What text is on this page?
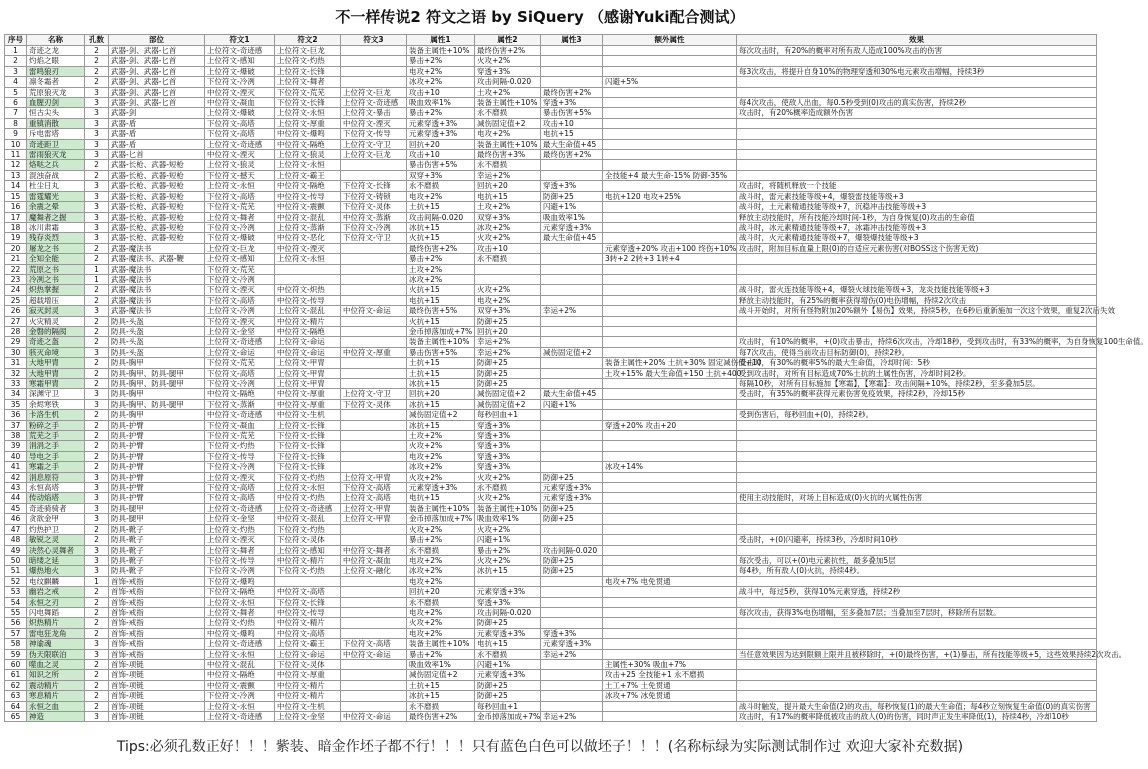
不一样传说2 符文之语 by SiQuery （感谢Yuki配合测试）
序号	名称	孔数	部位	符文1	符文2	符文3	属性1	属性2	属性3	额外属性	效果
1	奇迹之龙	2	武器-剑、武器-匕首	上位符文-奇迹感	上位符文-巨龙		装备主属性+10%	最终伤害+2%			每次攻击时，有20%的概率对所有敌人造成100%攻击的伤害
2	灼焰之眼	2	武器-剑、武器-匕首	上位符文-感知	上位符文-灼热		暴击+2%	火攻+2%			
3	雷鸣狼刃	2	武器-剑、武器-匕首	上位符文-爆破	上位符文-长锋		电攻+2%	穿透+3%			每3次攻击，将提升自身10%的物理穿透和30%电元素攻击增幅，持续3秒
4	凛冬霜者	2	武器-剑、武器-匕首	下位符文-冷冽	上位符文-舞者		冰攻+2%	攻击间隔-0.020		闪避+5%	
5	荒原狼灭龙	3	武器-剑、武器-匕首	中位符文-湮灭	下位符文-荒芜	上位符文-巨龙	攻击+10	土攻+2%	最终伤害+2%		
6	血腥刃剑	3	武器-剑、武器-匕首	中位符文-凝血	下位符文-长锋	上位符文-奇迹感	吸血效率1%	装备主属性+10%	穿透+3%		每4次攻击，使敌人出血，每0.5秒受到(0)攻击的真实伤害，持续2秒
7	恒古尖头	3	武器-剑	上位符文-爆破	上位符文-永恒	上位符文-暴击	暴击+2%	永不磨损	暴击伤害+5%		攻击时，有20%概率造成额外伤害
8	重镇消散	3	武器-盾	下位符文-高塔	上位符文-厚重	中位符文-湮灭	元素穿透+3%	减伤固定值+2	攻击+10		
9	斥电雷塔	3	武器-盾	下位符文-高塔	中位符文-爆鸣	下位符文-传导	元素穿透+3%	电攻+2%	电抗+15		
10	奇迹距卫	3	武器-盾	上位符文-奇迹感	中位符文-隔绝	上位符文-守卫	回抗+20	装备主属性+10%	最大生命值+45		
11	雷雨狼灭龙	3	武器-匕首	中位符文-湮灭	上位符文-狼灵	上位符文-巨龙	攻击+10	最终伤害+3%	最终伤害+2%		
12	烙哒之兵	2	武器-长枪、武器-短枪	上位符文-狼灵	上位符文-永恒		暴击伤害+5%	永不磨损			
13	混浊奋战	2	武器-长枪、武器-短枪	下位符文-撼天	上位符文-霸王		双穿+3%	幸运+2%		全技能+4 最大生命-15% 防御-35%	
14	杜尘日丸	3	武器-长枪、武器-短枪	上位符文-永恒	中位符文-隔绝	下位符文-长锋	永不磨损	回抗+20	穿透+3%		攻击时，将随机释放一个技能
15	雷霆耀光	3	武器-长枪、武器-短枪	下位符文-高塔	中位符文-传导	下位符文-铸锁	电攻+2%	电抗+15	防御+25	电抗+120 电攻+25%	战斗时，雷元素技能等级+4，爆裂雷技能等级+3
16	余震之晕	3	武器-长枪、武器-短枪	下位符文-荒芜	中位符文-震颤	下位符文-灵体	土抗+15	土攻+2%	闪避+1%		战斗时，土元素精通技能等级+7，沉稳冲击技能等级+3
17	魔舞者之握	3	武器-长枪、武器-短枪	上位符文-舞者	中位符文-混乱	中位符文-蒸渐	攻击间隔-0.020	双穿+3%	吸血效率1%		释放主动技能时，所有技能冷却时间-1秒，为自身恢复(0)攻击的生命值
18	冰川肃霜	3	武器-长枪、武器-短枪	下位符文-冷冽	上位符文-蒸渐	下位符文-冷冽	冰抗+15	冰攻+2%	元素穿透+3%		战斗时，冰元素精通技能等级+7，冰霜冲击技能等级+3
19	残存炎烈	3	武器-长枪、武器-短枪	下位符文-爆破	中位符文-恶化	下位符文-守卫	火抗+15	火攻+2%	最大生命值+45		战斗时，火元素精通技能等级+7，爆裂爆技能等级+3
20	屠龙之书	2	武器-魔法书	上位符文-巨龙	中位符文-湮灭		最终伤害+2%	攻击+10		元素穿透+20% 攻击+100 终伤+10%	攻击时，附加目标血量上限(0)的自适应元素伤害(对BOSS这个伤害无效)
21	全知全能	2	武器-魔法书、武器-鞭	上位符文-感知	上位符文-永恒		暴击+2%	永不磨损		3转+2 2转+3 1转+4	
22	荒原之书	1	武器-魔法书	下位符文-荒芜			土攻+2%				
23	冷冽之书	1	武器-魔法书	下位符文-冷冽			冰攻+2%				
24	炽热掌握	2	武器-魔法书	下位符文-湮灭	中位符文-炽热		火抗+15	火攻+2%			战斗时，雷火连技能等级+4，爆裂火球技能等级+3，龙炎技能技能等级+3
25	超载增压	2	武器-魔法书	下位符文-高塔	中位符文-传导		电抗+15	电攻+2%			释放主动技能时，有25%的概率获得增伤(0)电伤增幅，持续2次攻击
26	寂灭封灵	3	武器-魔法书	上位符文-冷冽	上位符文-混乱	中位符文-命运	最终伤害+5%	双穿+3%	幸运+2%		战斗开始时，对所有怪物附加20%额外【易伤】效果，持续5秒，在6秒后重新施加一次这个效果，重复2次后失效
27	火灾精灵	2	防具-头盔	下位符文-湮灭	中位符文-精片		火抗+15	防御+25			
28	金磐的隔阂	2	防具-头盔	上位符文-金坚	中位符文-隔绝		金币掉落加成+7%	回抗+20			
29	奇迹之盔	2	防具-头盔	上位符文-奇迹感	上位符文-命运		装备主属性+10%	幸运+2%			攻击时，有10%的概率，+(0)攻击暴击，持续6次攻击，冷却18秒，受到攻击时，有33%的概率，为自身恢复100生命值。
30	骇灭命境	3	防具-头盔	上位符文-命运	中位符文-命运	中位符文-厚重	暴击伤害+5%	幸运+2%	减伤固定值+2		每7次攻击，使得当前攻击目标防御(0)，持续2秒。
31	大地甲胄	2	防具-胸甲	下位符文-荒芜	上位符文-甲胄		土抗+15	防御+25		装备主属性+20% 土抗+30% 固定减伤值+10	受击时，有30%的概率5%的最大生命值，冷却时间：5秒
32	大地甲胄	2	防具-胸甲、防具-腿甲	下位符文-高塔	上位符文-甲胄		土抗+15	防御+25		土攻+15% 最大生命值+150 土抗+400	受到攻击时，对所有目标造成70%土抗的土属性伤害，冷却时间2秒。
33	寒霜甲胄	2	防具-胸甲、防具-腿甲	下位符文-冷冽	上位符文-甲胄		冰抗+15	防御+25			每隔10秒，对所有目标施加【寒霜】，【寒霜】：攻击间隔+10%，持续2秒，至多叠加5层。
34	深渊守卫	3	防具-胸甲	中位符文-隔绝	中位符文-厚重	上位符文-守卫	回抗+20	减伤固定值+2	最大生命值+45		受击时，有35%的概率获得元素伤害免疫效果，持续2秒，冷却15秒
35	余烬寒铁	3	防具-胸甲、防具-腿甲	下位符文-蒸渐	中位符文-厚重	下位符文-灵体	冰抗+15	减伤固定值+2	闪避+1%		
36	卡洛生机	2	防具-胸甲	中位符文-奇迹感	中位符文-生机		减伤固定值+2	每秒回血+1			受到伤害后，每秒回血+(0)，持续2秒。
37	粉碎之手	2	防具-护臂	下位符文-凝血	上位符文-长锋		冰抗+15	穿透+3%		穿透+20% 攻击+20	
38	荒芜之手	2	防具-护臂	下位符文-荒芜	下位符文-长锋		土攻+2%	穿透+3%			
39	涓涓之手	2	防具-护臂	下位符文-灼热	下位符文-长锋		火攻+2%	穿透+3%			
40	导电之手	2	防具-护臂	下位符文-传导	下位符文-长锋		电攻+2%	穿透+3%			
41	寒霜之手	2	防具-护臂	下位符文-冷冽	下位符文-长锋		冰攻+2%	穿透+3%		冰攻+14%	
42	涓息原符	3	防具-护臂	上位符文-湮灭	下位符文-灼热	上位符文-甲胄	火攻+2%	火攻+2%	防御+25		
43	永恒高塔	3	防具-护臂	下位符文-高塔	上位符文-永恒	下位符文-高塔	元素穿透+3%	永不磨损	元素穿透+3%		
44	传动焰塔	3	防具-护臂	下位符文-高塔	中位符文-灼热	上位符文-高塔	电抗+15	火攻+2%	元素穿透+3%		使用主动技能时，对场上目标造成(0)火抗的火属性伤害
45	奇迹骑骑者	3	防具-腿甲	上位符文-奇迹感	上位符文-奇迹感	上位符文-甲胄	装备主属性+10%	装备主属性+10%	防御+25		
46	贪欲金甲	3	防具-腿甲	上位符文-金坚	中位符文-混乱	上位符文-甲胄	金币掉落加成+7%	吸血效率1%	防御+25		
47	灼热护卫	2	防具-靴子	上位符文-灼热	下位符文-灼热		火攻+2%	火攻+2%			
48	敏锐之灵	2	防具-靴子	上位符文-湮灭	下位符文-灵体		暴击+2%	闪避+1%			受击时，+(0)闪避率，持续3秒，冷却时间10秒
49	决然心灵舞者	3	防具-靴子	上位符文-舞者	上位符文-感知	中位符文-舞者	永不磨损	暴击+2%	攻击间隔-0.020		
50	暗缕之延	3	防具-靴子	下位符文-传导	中位符文-精片	中位符文-凝血	电攻+2%	火攻+2%	防御+25		每次受击，可以+(0)电元素抗性，最多叠加5层
51	爆热地火	3	防具-靴子	下位符文-冷冽	下位符文-灼热	上位符文-融化	冰攻+2%	冰抗+15	防御+25		每4秒，所有敌人(0)火抗，持续4秒。
52	电纹麒麟	1	首饰-戒指	下位符文-爆鸣			电攻+2%			电攻+7% 电免贯通	
53	幽岩之戒	2	首饰-戒指	下位符文-隔绝	中位符文-高塔		回抗+20	元素穿透+3%			战斗中，每过5秒，获得10%元素穿透，持续2秒
54	永恒之刃	2	首饰-戒指	上位符文-永恒	下位符文-长锋		永不磨损	穿透+3%			
55	闪电舞蹈	2	首饰-戒指	上位符文-舞者	中位符文-传导		电攻+2%	攻击间隔-0.020			每次攻击，获得3%电伤增幅，至多叠加7层；当叠加至7层时，移除所有层数。
56	炽热精片	2	首饰-戒指	上位符文-灼热	中位符文-精片		火攻+2%	防御+25			
57	雷电狂龙角	2	首饰-戒指	中位符文-爆鸣	中位符文-高塔		电攻+2%	元素穿透+3%	穿透+3%		
58	神谕魂	3	首饰-戒指	上位符文-奇迹感	上位符文-霸王	下位符文-高塔	装备主属性+10%	电抗+15	元素穿透+3%		
59	伪天限联泊	3	首饰-戒指	上位符文-永恒	上位符文-命运	中位符文-命运	暴击+2%	永不磨损	幸运+2%		当任意效果因为达到限额上限并且被移除时，+(0)最终伤害，+(1)暴击，所有技能等级+5，这些效果持续2次攻击。
60	噬血之灵	2	首饰-项链	中位符文-混乱	下位符文-灵体		吸血效率1%	闪避+1%		主属性+30% 吸血+7%	
61	知识之所	2	首饰-项链	中位符文-隔绝	中位符文-厚重		减伤固定值+2	元素穿透+3%		攻击+25 全技能+1 永不磨损	
62	震动精片	2	首饰-项链	中位符文-震颤	中位符文-精片		土抗+15	防御+25		土工+7% 土免贯通	
63	寒息精片	2	首饰-项链	下位符文-冷冽	中位符文-精片		冰抗+15	防御+25		冰攻+7% 冰免贯通	
64	永恒之血	2	首饰-项链	上位符文-永恒	中位符文-生机		永不磨损	每秒回血+1			战斗时触发，提升最大生命值(2)的攻击，每秒恢复(1)的最大生命值；每4秒立刻恢复生命值(0)的真实伤害
65	神造	3	首饰-项链	上位符文-奇迹感	上位符文-金坚	中位符文-命运	最终伤害+2%	金币掉落加成+7%	幸运+2%		攻击时，有17%的概率降低被攻击的敌人(0)的伤害，同时声正发生率降低(1)，持续4秒，冷却10秒
Tips:必须孔数正好！！！紫装、暗金作坯子都不行！！！只有蓝色白色可以做坯子！！！(名称标绿为实际测试制作过 欢迎大家补充数据)
